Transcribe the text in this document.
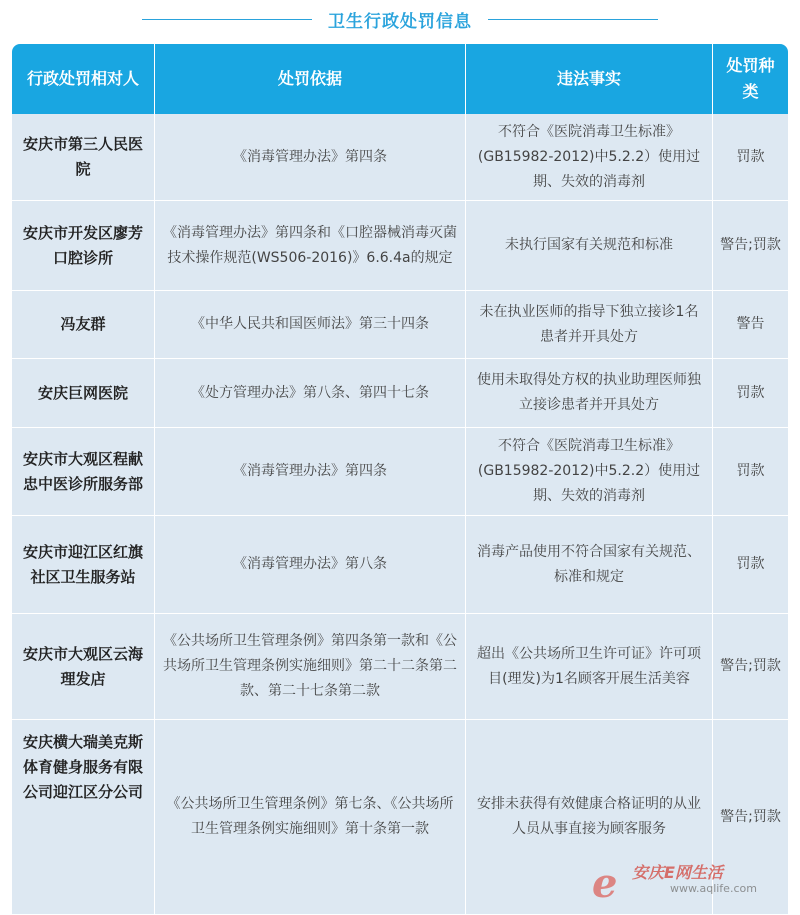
卫生行政处罚信息
行政处罚相对人	处罚依据	违法事实	处罚种类
安庆市第三人民医院	《消毒管理办法》第四条	不符合《医院消毒卫生标准》(GB15982-2012)中5.2.2）使用过期、失效的消毒剂	罚款
安庆市开发区廖芳口腔诊所	《消毒管理办法》第四条和《口腔器械消毒灭菌技术操作规范(WS506-2016)》6.6.4a的规定	未执行国家有关规范和标准	警告;罚款
冯友群	《中华人民共和国医师法》第三十四条	未在执业医师的指导下独立接诊1名患者并开具处方	警告
安庆巨网医院	《处方管理办法》第八条、第四十七条	使用未取得处方权的执业助理医师独立接诊患者并开具处方	罚款
安庆市大观区程献忠中医诊所服务部	《消毒管理办法》第四条	不符合《医院消毒卫生标准》(GB15982-2012)中5.2.2）使用过期、失效的消毒剂	罚款
安庆市迎江区红旗社区卫生服务站	《消毒管理办法》第八条	消毒产品使用不符合国家有关规范、标准和规定	罚款
安庆市大观区云海理发店	《公共场所卫生管理条例》第四条第一款和《公共场所卫生管理条例实施细则》第二十二条第二款、第二十七条第二款	超出《公共场所卫生许可证》许可项目(理发)为1名顾客开展生活美容	警告;罚款
安庆横大瑞美克斯体育健身服务有限公司迎江区分公司	《公共场所卫生管理条例》第七条、《公共场所卫生管理条例实施细则》第十条第一款	安排未获得有效健康合格证明的从业人员从事直接为顾客服务	警告;罚款
e 安庆E网生活
www.aqlife.com
